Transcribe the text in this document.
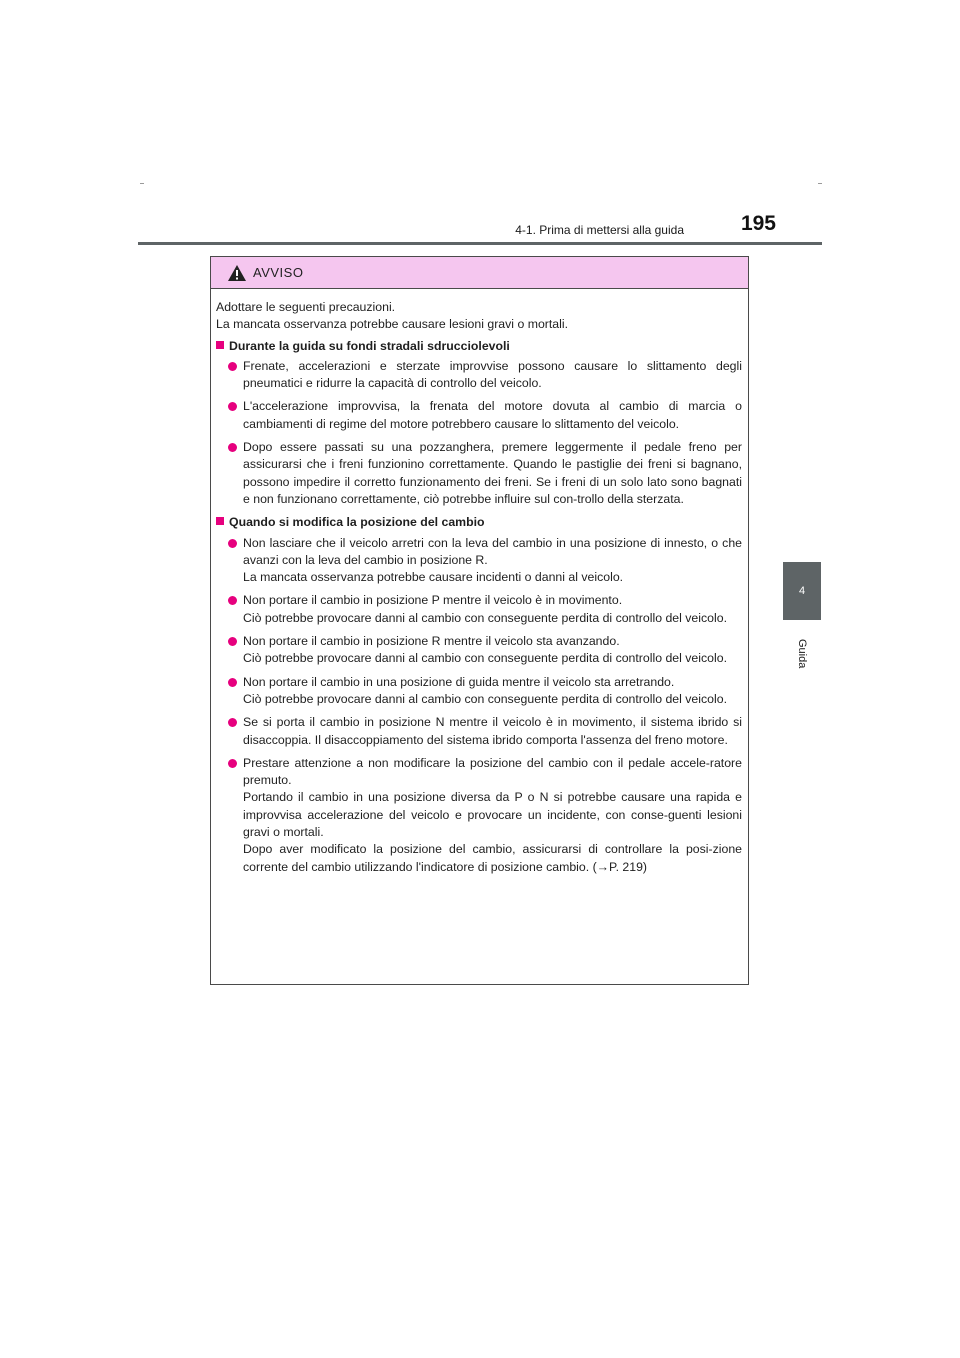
4-1. Prima di mettersi alla guida	195
4
Guida
AVVISO

Adottare le seguenti precauzioni.

La mancata osservanza potrebbe causare lesioni gravi o mortali.

Durante la guida su fondi stradali sdrucciolevoli

Frenate, accelerazioni e sterzate improvvise possono causare lo slittamento degli pneumatici e ridurre la capacità di controllo del veicolo.

L'accelerazione improvvisa, la frenata del motore dovuta al cambio di marcia o cambiamenti di regime del motore potrebbero causare lo slittamento del veicolo.

Dopo essere passati su una pozzanghera, premere leggermente il pedale freno per assicurarsi che i freni funzionino correttamente. Quando le pastiglie dei freni si bagnano, possono impedire il corretto funzionamento dei freni. Se i freni di un solo lato sono bagnati e non funzionano correttamente, ciò potrebbe influire sul con-trollo della sterzata.

Quando si modifica la posizione del cambio

Non lasciare che il veicolo arretri con la leva del cambio in una posizione di innesto, o che avanzi con la leva del cambio in posizione R.

La mancata osservanza potrebbe causare incidenti o danni al veicolo.

Non portare il cambio in posizione P mentre il veicolo è in movimento.

Ciò potrebbe provocare danni al cambio con conseguente perdita di controllo del veicolo.

Non portare il cambio in posizione R mentre il veicolo sta avanzando.

Ciò potrebbe provocare danni al cambio con conseguente perdita di controllo del veicolo.

Non portare il cambio in una posizione di guida mentre il veicolo sta arretrando.

Ciò potrebbe provocare danni al cambio con conseguente perdita di controllo del veicolo.

Se si porta il cambio in posizione N mentre il veicolo è in movimento, il sistema ibrido si disaccoppia. Il disaccoppiamento del sistema ibrido comporta l'assenza del freno motore.

Prestare attenzione a non modificare la posizione del cambio con il pedale accele-ratore premuto.

Portando il cambio in una posizione diversa da P o N si potrebbe causare una rapida e improvvisa accelerazione del veicolo e provocare un incidente, con conse-guenti lesioni gravi o mortali.

Dopo aver modificato la posizione del cambio, assicurarsi di controllare la posi-zione corrente del cambio utilizzando l'indicatore di posizione cambio. (→P. 219)
